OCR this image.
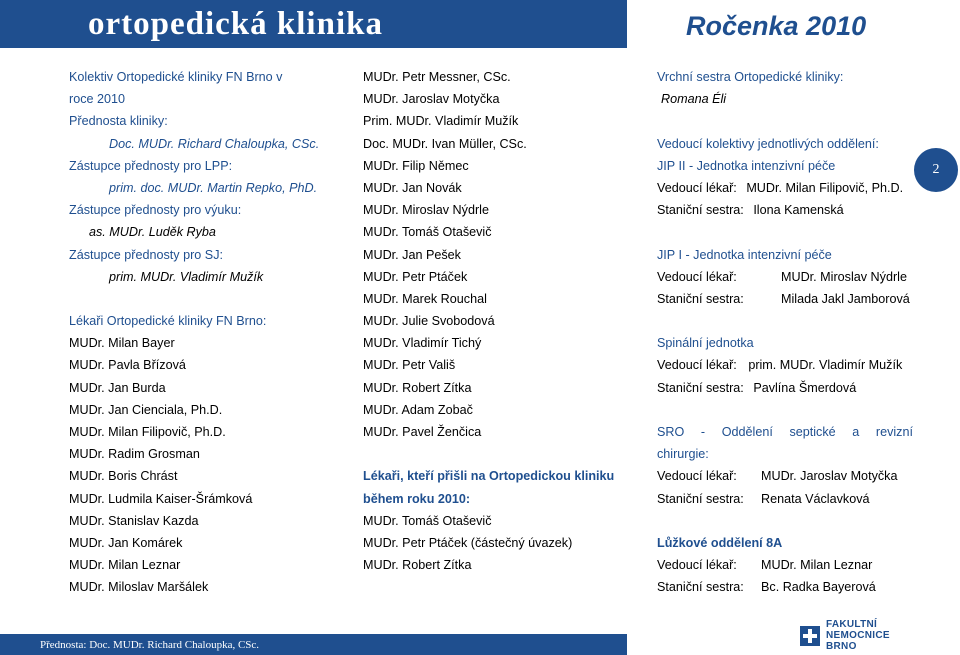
ortopedická klinika	Ročenka 2010
2
Kolektiv Ortopedické kliniky FN Brno v
roce 2010
Přednosta kliniky:
Doc. MUDr. Richard Chaloupka, CSc.
Zástupce přednosty pro LPP:
prim. doc. MUDr. Martin Repko, PhD.
Zástupce přednosty pro výuku:
as. MUDr. Luděk Ryba
Zástupce přednosty pro SJ:
prim. MUDr. Vladimír Mužík
Lékaři Ortopedické kliniky FN Brno:
MUDr. Milan Bayer
MUDr. Pavla Břízová
MUDr. Jan Burda
MUDr. Jan Cienciala, Ph.D.
MUDr. Milan Filipovič, Ph.D.
MUDr. Radim Grosman
MUDr. Boris Chrást
MUDr. Ludmila Kaiser-Šrámková
MUDr. Stanislav Kazda
MUDr. Jan Komárek
MUDr. Milan Leznar
MUDr. Miloslav Maršálek
MUDr. Petr Messner, CSc.
MUDr. Jaroslav Motyčka
Prim. MUDr. Vladimír Mužík
Doc. MUDr. Ivan Müller, CSc.
MUDr. Filip Němec
MUDr. Jan Novák
MUDr. Miroslav Nýdrle
MUDr. Tomáš Otaševič
MUDr. Jan Pešek
MUDr. Petr Ptáček
MUDr. Marek Rouchal
MUDr. Julie Svobodová
MUDr. Vladimír Tichý
MUDr. Petr Vališ
MUDr. Robert Zítka
MUDr. Adam Zobač
MUDr. Pavel Ženčica
Lékaři, kteří přišli na Ortopedickou kliniku
během roku 2010:
MUDr. Tomáš Otaševič
MUDr. Petr Ptáček (částečný úvazek)
MUDr. Robert Zítka
Vrchní sestra Ortopedické kliniky:
Romana Éli
Vedoucí kolektivy jednotlivých oddělení:
JIP II - Jednotka intenzivní péče
Vedoucí lékař: MUDr. Milan Filipovič, Ph.D.
Staniční sestra: Ilona Kamenská
JIP I - Jednotka intenzivní péče
Vedoucí lékař:	MUDr. Miroslav Nýdrle
Staniční sestra:	Milada Jakl Jamborová
Spinální jednotka
Vedoucí lékař: prim. MUDr. Vladimír Mužík
Staniční sestra: Pavlína Šmerdová
SRO - Oddělení septické a revizní
chirurgie:
Vedoucí lékař:	MUDr. Jaroslav Motyčka
Staniční sestra:	Renata Václavková
Lůžkové oddělení 8A
Vedoucí lékař:	MUDr. Milan Leznar
Staniční sestra:	Bc. Radka Bayerová
Přednosta: Doc. MUDr. Richard Chaloupka, CSc.
FAKULTNÍ
NEMOCNICE
BRNO
